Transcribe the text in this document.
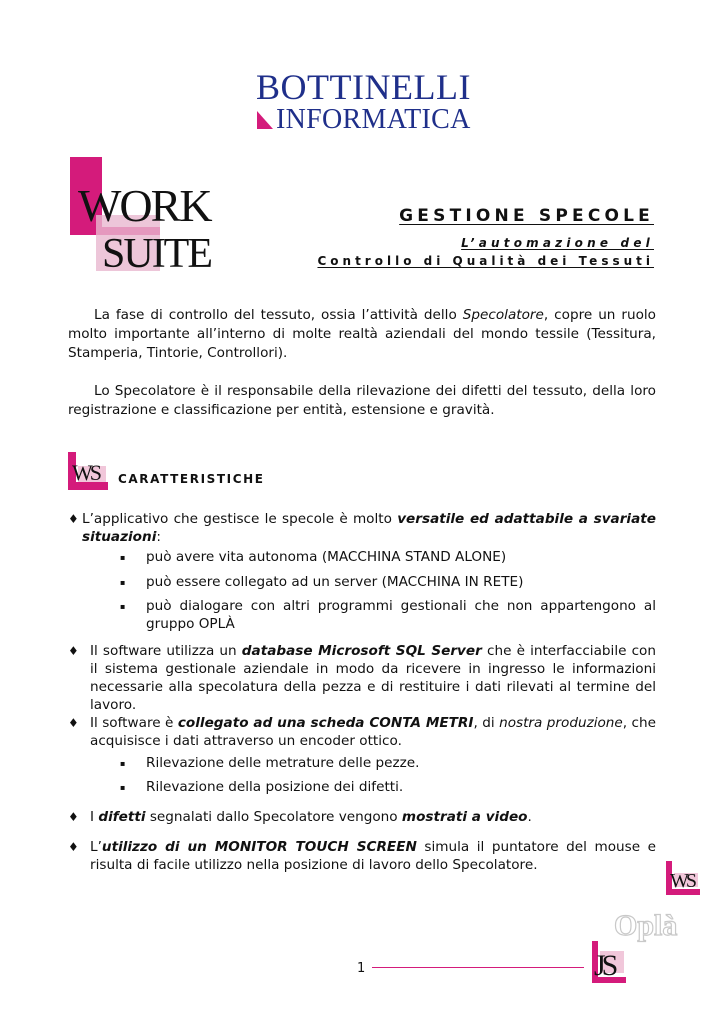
BOTTINELLI
INFORMATICA
WORK
SUITE
GESTIONE SPECOLE
L’automazione del
Controllo di Qualità dei Tessuti
La fase di controllo del tessuto, ossia l’attività dello Specolatore, copre un ruolo molto importante all’interno di molte realtà aziendali del mondo tessile (Tessitura, Stamperia, Tintorie, Controllori).
Lo Specolatore è il responsabile della rilevazione dei difetti del tessuto, della loro registrazione e classificazione per entità, estensione e gravità.
WS CARATTERISTICHE
♦ L’applicativo che gestisce le specole è molto versatile ed adattabile a svariate situazioni:
▪ può avere vita autonoma (MACCHINA STAND ALONE)
▪ può essere collegato ad un server (MACCHINA IN RETE)
▪ può dialogare con altri programmi gestionali che non appartengono al gruppo OPLÀ
♦ Il software utilizza un database Microsoft SQL Server che è interfacciabile con il sistema gestionale aziendale in modo da ricevere in ingresso le informazioni necessarie alla specolatura della pezza e di restituire i dati rilevati al termine del lavoro.
♦ Il software è collegato ad una scheda CONTA METRI, di nostra produzione, che acquisisce i dati attraverso un encoder ottico.
▪ Rilevazione delle metrature delle pezze.
▪ Rilevazione della posizione dei difetti.
♦ I difetti segnalati dallo Specolatore vengono mostrati a video.
♦ L’utilizzo di un MONITOR TOUCH SCREEN simula il puntatore del mouse e risulta di facile utilizzo nella posizione di lavoro dello Specolatore.
1
WS
Oplà
JS
